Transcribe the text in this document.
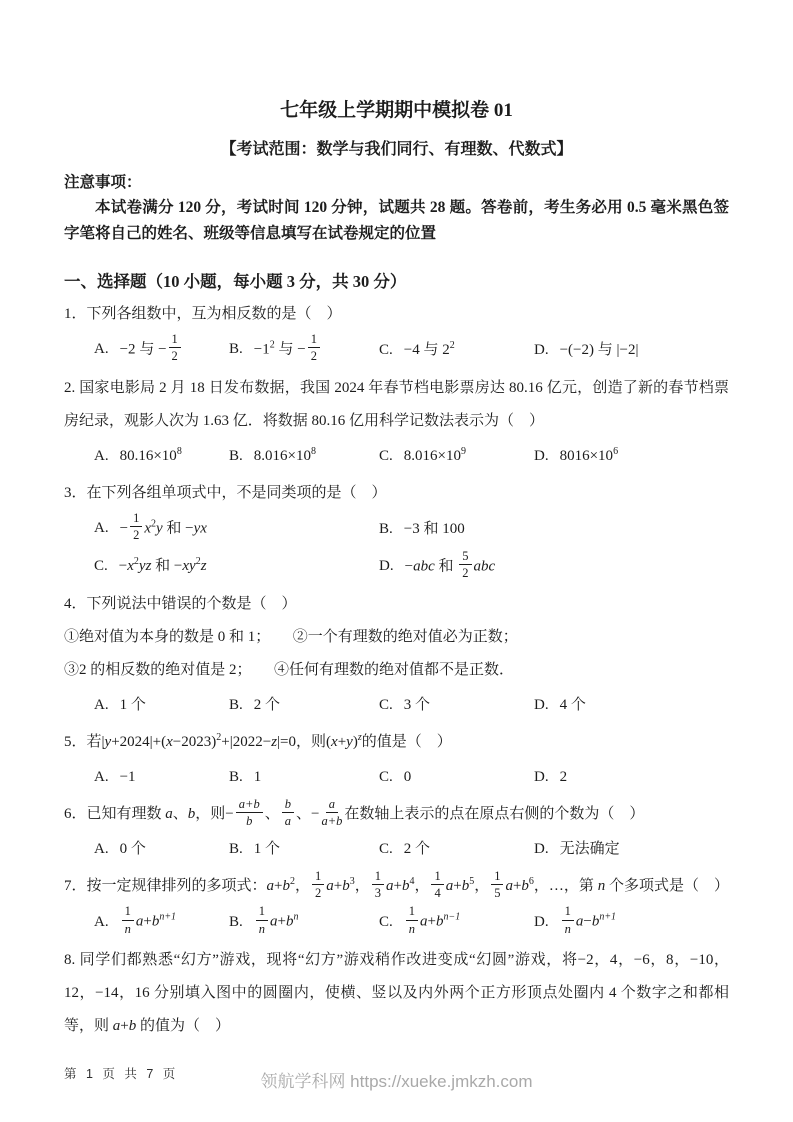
七年级上学期期中模拟卷 01
【考试范围：数学与我们同行、有理数、代数式】
注意事项：
本试卷满分 120 分，考试时间 120 分钟，试题共 28 题。答卷前，考生务必用 0.5 毫米黑色签字笔将自己的姓名、班级等信息填写在试卷规定的位置
一、选择题（10 小题，每小题 3 分，共 30 分）
1．下列各组数中，互为相反数的是（　）
A. −2 与 − $\frac{1}{2}$	B. $-1^2$ 与 − $\frac{1}{2}$	C. −4 与 $2^2$	D. −(−2) 与 |−2|
2. 国家电影局 2 月 18 日发布数据，我国 2024 年春节档电影票房达 80.16 亿元，创造了新的春节档票房纪录，观影人次为 1.63 亿．将数据 80.16 亿用科学记数法表示为（　）
A. $80.16\times 10^8$	B. $8.016\times 10^8$	C. $8.016\times 10^9$	D. $8016\times 10^6$
3．在下列各组单项式中，不是同类项的是（　）
A. − $\frac{1}{2} x^2y$ 和 −yx	B. −3 和 100
C. $-x^2yz$ 和 $-xy^2z$	D. −abc 和 $\frac{5}{2}$ abc
4．下列说法中错误的个数是（　）
①绝对值为本身的数是 0 和 1；　　②一个有理数的绝对值必为正数；
③2 的相反数的绝对值是 2；　　④任何有理数的绝对值都不是正数．
A. 1 个	B. 2 个	C. 3 个	D. 4 个
5．若$|y+2024|+(x-2023)^2+|2022-z|=0$，则$(x+y)^z$的值是（　）
A. −1	B. 1	C. 0	D. 2
6．已知有理数 a、b，则− $\frac{a+b}{b}$ 、 $\frac{b}{a}$ 、− $\frac{a}{a+b}$ 在数轴上表示的点在原点右侧的个数为（　）
A. 0 个	B. 1 个	C. 2 个	D. 无法确定
7．按一定规律排列的多项式：$a+b^2$， $\frac{1}{2} a+b^3$， $\frac{1}{3} a+b^4$， $\frac{1}{4} a+b^5$， $\frac{1}{5} a+b^6$，…，第 n 个多项式是（　）
A. $\frac{1}{n} a+b^{n+1}$	B. $\frac{1}{n} a+b^n$	C. $\frac{1}{n} a+b^{n-1}$	D. $\frac{1}{n} a-b^{n+1}$
8. 同学们都熟悉“幻方”游戏，现将“幻方”游戏稍作改进变成“幻圆”游戏，将−2，4，−6，8，−10，12，−14，16 分别填入图中的圆圈内，使横、竖以及内外两个正方形顶点处圈内 4 个数字之和都相等，则 a+b 的值为（　）
第 1 页 共 7 页	领航学科网 https://xueke.jmkzh.com
